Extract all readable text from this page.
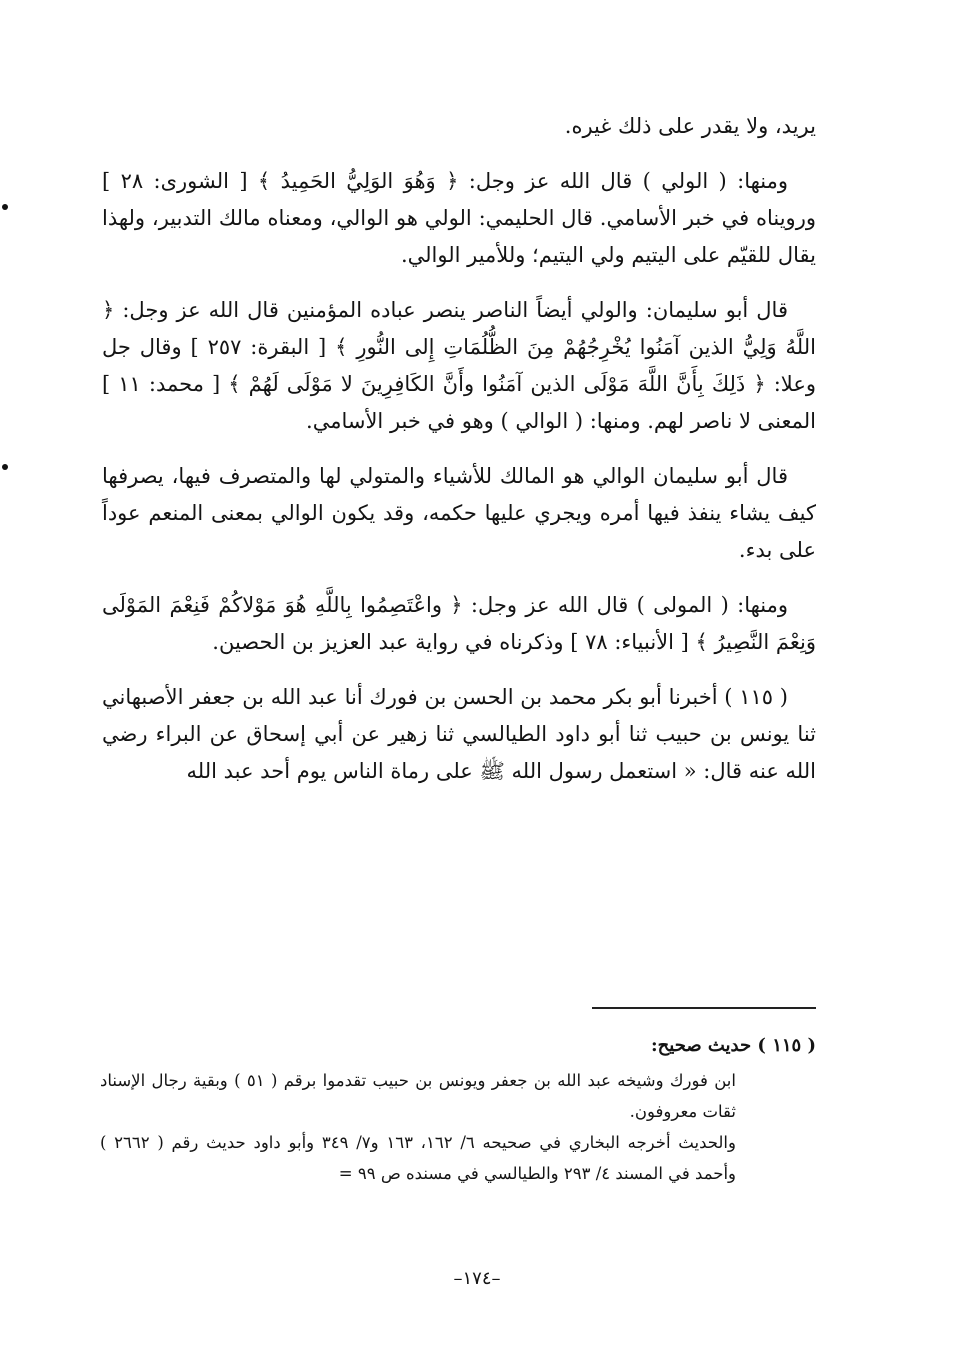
يريد، ولا يقدر على ذلك غيره.

ومنها: ( الولي ) قال الله عز وجل: ﴿ وَهُوَ الوَلِيُّ الحَمِيدُ ﴾ [ الشورى: ٢٨ ] ورويناه في خبر الأسامي. قال الحليمي: الولي هو الوالي، ومعناه مالك التدبير، ولهذا يقال للقيّم على اليتيم ولي اليتيم؛ وللأمير الوالي.

قال أبو سليمان: والولي أيضاً الناصر ينصر عباده المؤمنين قال الله عز وجل: ﴿ اللَّهُ وَلِيُّ الذين آمَنُوا يُخْرِجُهُمْ مِنَ الظُّلُمَاتِ إِلى النُّورِ ﴾ [ البقرة: ٢٥٧ ] وقال جل وعلا: ﴿ ذَلِكَ بِأَنَّ اللَّهَ مَوْلَى الذين آمَنُوا وأَنَّ الكَافِرِينَ لا مَوْلَى لَهُمْ ﴾ [ محمد: ١١ ] المعنى لا ناصر لهم. ومنها: ( الوالي ) وهو في خبر الأسامي.

قال أبو سليمان الوالي هو المالك للأشياء والمتولي لها والمتصرف فيها، يصرفها كيف يشاء ينفذ فيها أمره ويجري عليها حكمه، وقد يكون الوالي بمعنى المنعم عوداً على بدء.

ومنها: ( المولى ) قال الله عز وجل: ﴿ واعْتَصِمُوا بِاللَّهِ هُوَ مَوْلاكُمْ فَنِعْمَ المَوْلَى وَنِعْمَ النَّصِيرُ ﴾ [ الأنبياء: ٧٨ ] وذكرناه في رواية عبد العزيز بن الحصين.

( ١١٥ ) أخبرنا أبو بكر محمد بن الحسن بن فورك أنا عبد الله بن جعفر الأصبهاني ثنا يونس بن حبيب ثنا أبو داود الطيالسي ثنا زهير عن أبي إسحاق عن البراء رضي الله عنه قال: « استعمل رسول الله ﷺ على رماة الناس يوم أحد عبد الله

( ١١٥ ) حديث صحيح:

ابن فورك وشيخه عبد الله بن جعفر ويونس بن حبيب تقدموا برقم ( ٥١ ) وبقية رجال الإسناد ثقات معروفون.

والحديث أخرجه البخاري في صحيحه ٦/ ١٦٢، ١٦٣ و٧/ ٣٤٩ وأبو داود حديث رقم ( ٢٦٦٢ ) وأحمد في المسند ٤/ ٢٩٣ والطيالسي في مسنده ص ٩٩ =

–١٧٤–
